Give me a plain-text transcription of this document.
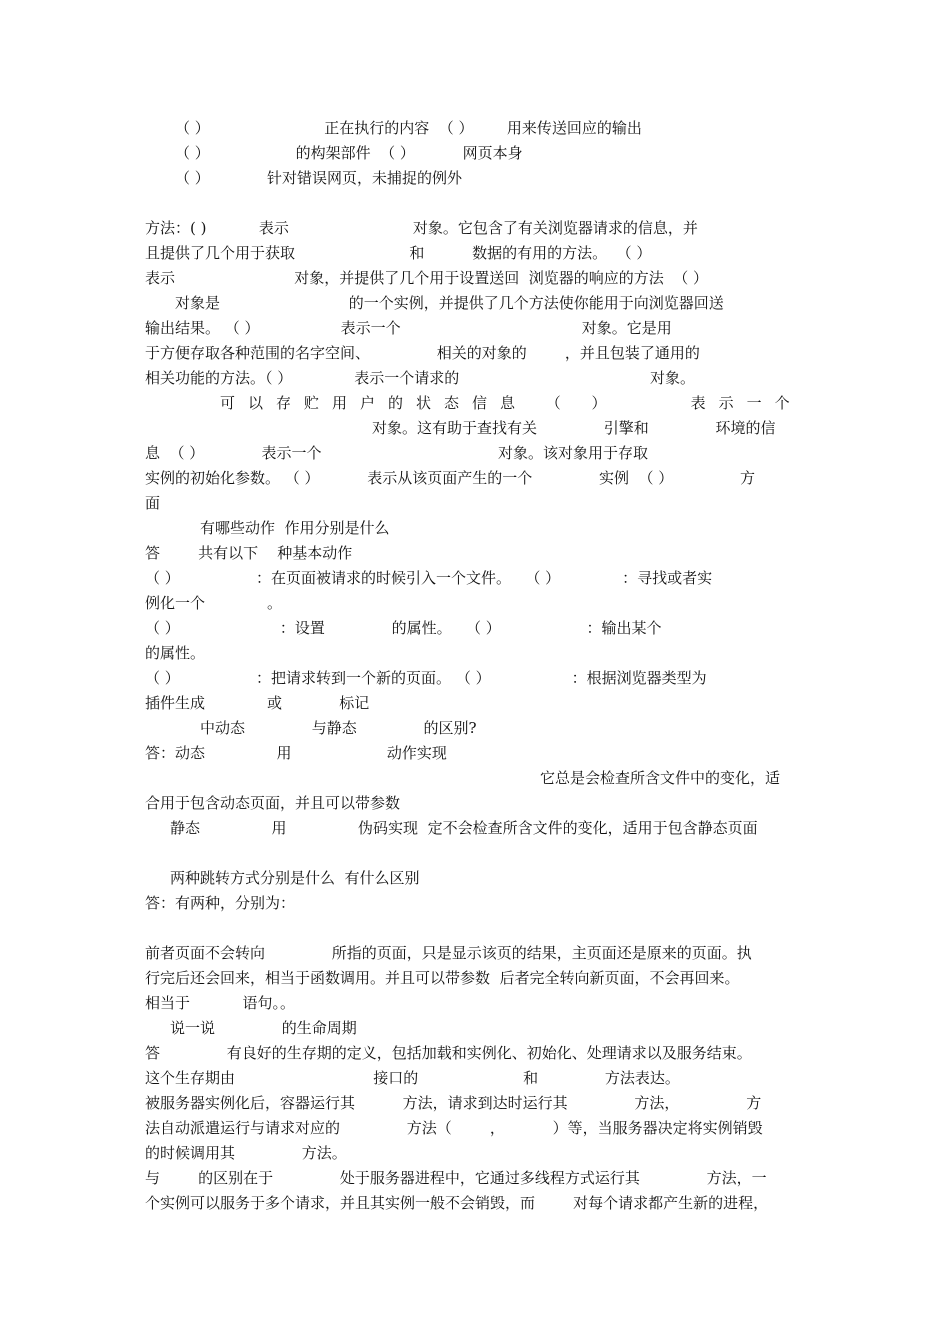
（ ）                        正在执行的内容  （ ）       用来传送回应的输出
（ ）                  的构架部件  （ ）          网页本身
（ ）            针对错误网页，未捕捉的例外
方法：( )           表示                          对象。它包含了有关浏览器请求的信息，并
且提供了几个用于获取                        和          数据的有用的方法。  （ ）
表示                         对象，并提供了几个用于设置送回  浏览器的响应的方法  （ ）
对象是                           的一个实例，并提供了几个方法使你能用于向浏览器回送
输出结果。 （ ）                 表示一个                                      对象。它是用
于方便存取各种范围的名字空间、              相关的对象的        ，并且包装了通用的
相关功能的方法。（ ）             表示一个请求的                                        对象。
可以存贮用户的状态信息 （ ）    表示一个
对象。这有助于查找有关              引擎和              环境的信
息  （ ）            表示一个                                     对象。该对象用于存取
实例的初始化参数。 （ ）          表示从该页面产生的一个              实例  （ ）              方
面
有哪些动作  作用分别是什么
答        共有以下    种基本动作
（ ）                ：在页面被请求的时候引入一个文件。   （ ）             ：寻找或者实
例化一个             。
（ ）                     ：设置              的属性。   （ ）                  ：输出某个
的属性。
（ ）                ：把请求转到一个新的页面。 （ ）                 ：根据浏览器类型为
插件生成             或            标记
中动态              与静态              的区别?
答：动态               用                    动作实现
它总是会检查所含文件中的变化，适
合用于包含动态页面，并且可以带参数
静态               用               伪码实现  定不会检查所含文件的变化，适用于包含静态页面
两种跳转方式分别是什么  有什么区别
答：有两种，分别为：
前者页面不会转向              所指的页面，只是显示该页的结果，主页面还是原来的页面。执
行完后还会回来，相当于函数调用。并且可以带参数  后者完全转向新页面，不会再回来。
相当于           语句。。
说一说              的生命周期
答              有良好的生存期的定义，包括加载和实例化、初始化、处理请求以及服务结束。
这个生存期由                             接口的                      和              方法表达。
被服务器实例化后，容器运行其          方法，请求到达时运行其              方法，              方
法自动派遣运行与请求对应的              方法（        ，          ）等，当服务器决定将实例销毁
的时候调用其              方法。
与        的区别在于              处于服务器进程中，它通过多线程方式运行其              方法，一
个实例可以服务于多个请求，并且其实例一般不会销毁，而        对每个请求都产生新的进程，
